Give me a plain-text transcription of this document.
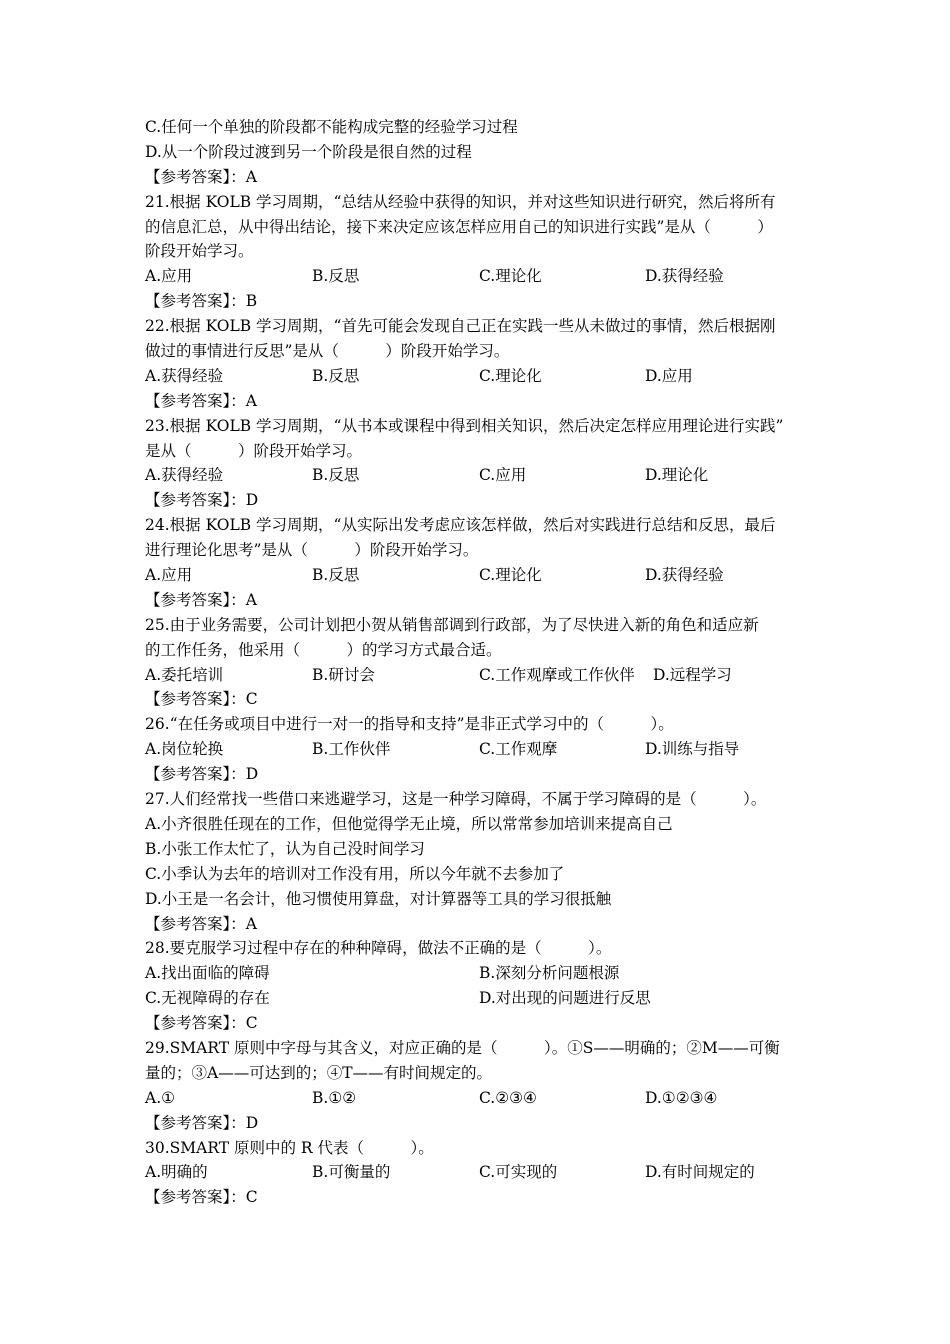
C.任何一个单独的阶段都不能构成完整的经验学习过程
D.从一个阶段过渡到另一个阶段是很自然的过程
【参考答案】：A
21.根据 KOLB 学习周期，“总结从经验中获得的知识，并对这些知识进行研究，然后将所有
的信息汇总，从中得出结论，接下来决定应该怎样应用自己的知识进行实践”是从（　　　）
阶段开始学习。
A.应用	B.反思	C.理论化	D.获得经验
【参考答案】：B
22.根据 KOLB 学习周期，“首先可能会发现自己正在实践一些从未做过的事情，然后根据刚
做过的事情进行反思”是从（　　　）阶段开始学习。
A.获得经验	B.反思	C.理论化	D.应用
【参考答案】：A
23.根据 KOLB 学习周期，“从书本或课程中得到相关知识，然后决定怎样应用理论进行实践”
是从（　　　）阶段开始学习。
A.获得经验	B.反思	C.应用	D.理论化
【参考答案】：D
24.根据 KOLB 学习周期，“从实际出发考虑应该怎样做，然后对实践进行总结和反思，最后
进行理论化思考”是从（　　　）阶段开始学习。
A.应用	B.反思	C.理论化	D.获得经验
【参考答案】：A
25.由于业务需要，公司计划把小贺从销售部调到行政部，为了尽快进入新的角色和适应新
的工作任务，他采用（　　　）的学习方式最合适。
A.委托培训	B.研讨会	C.工作观摩或工作伙伴 D.远程学习
【参考答案】：C
26.“在任务或项目中进行一对一的指导和支持”是非正式学习中的（　　　）。
A.岗位轮换	B.工作伙伴	C.工作观摩	D.训练与指导
【参考答案】：D
27.人们经常找一些借口来逃避学习，这是一种学习障碍，不属于学习障碍的是（　　　）。
A.小齐很胜任现在的工作，但他觉得学无止境，所以常常参加培训来提高自己
B.小张工作太忙了，认为自己没时间学习
C.小季认为去年的培训对工作没有用，所以今年就不去参加了
D.小王是一名会计，他习惯使用算盘，对计算器等工具的学习很抵触
【参考答案】：A
28.要克服学习过程中存在的种种障碍，做法不正确的是（　　　）。
A.找出面临的障碍	B.深刻分析问题根源
C.无视障碍的存在	D.对出现的问题进行反思
【参考答案】：C
29.SMART 原则中字母与其含义，对应正确的是（　　　）。①S——明确的；②M——可衡
量的；③A——可达到的；④T——有时间规定的。
A.①	B.①②	C.②③④	D.①②③④
【参考答案】：D
30.SMART 原则中的 R 代表（　　　）。
A.明确的	B.可衡量的	C.可实现的	D.有时间规定的
【参考答案】：C
